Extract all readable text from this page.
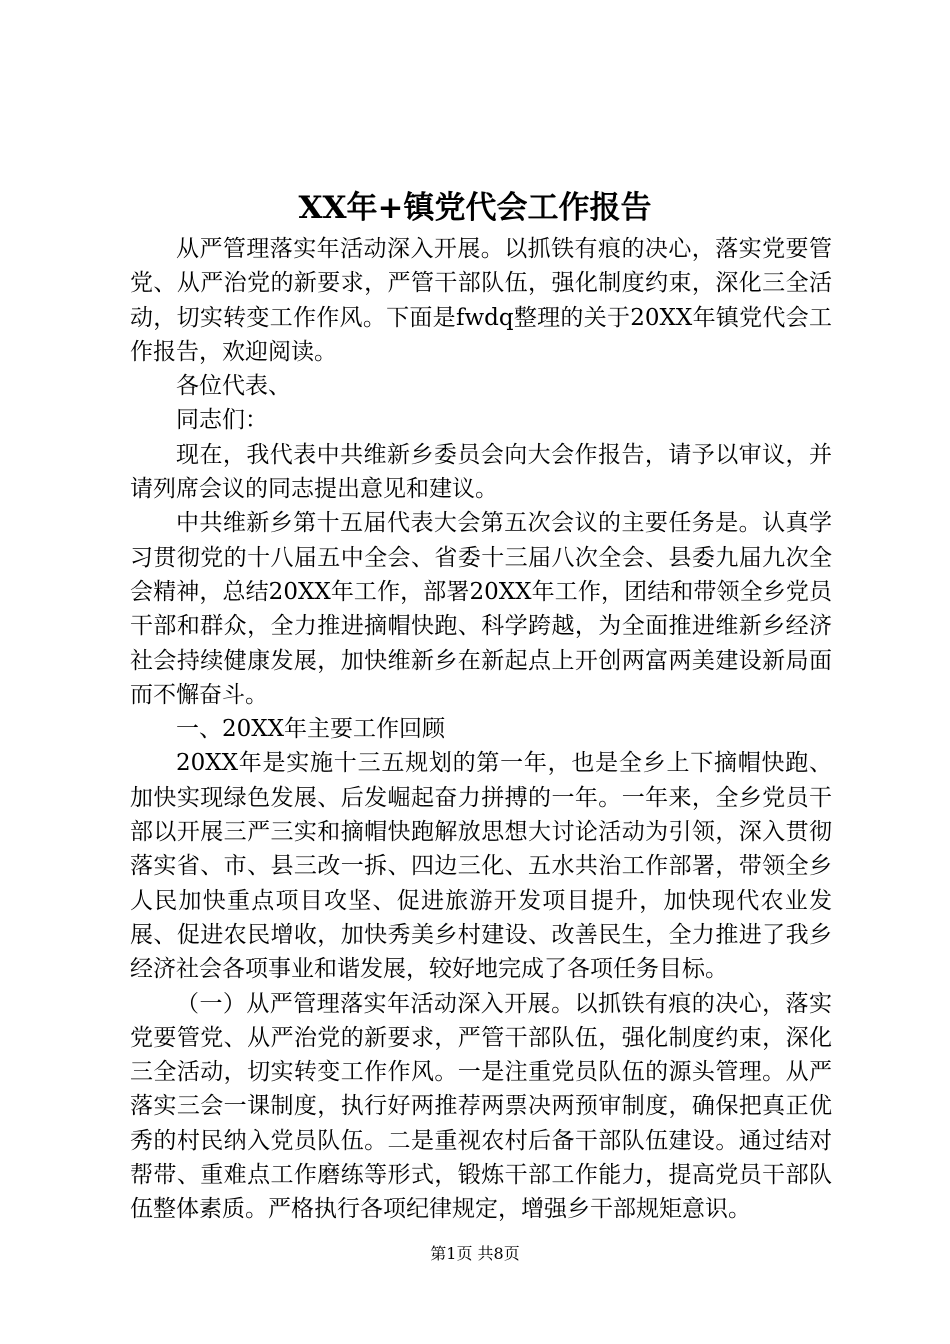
XX年+镇党代会工作报告

从严管理落实年活动深入开展。以抓铁有痕的决心，落实党要管党、从严治党的新要求，严管干部队伍，强化制度约束，深化三全活动，切实转变工作作风。下面是fwdq整理的关于20XX年镇党代会工作报告，欢迎阅读。

各位代表、

同志们：

现在，我代表中共维新乡委员会向大会作报告，请予以审议，并请列席会议的同志提出意见和建议。

中共维新乡第十五届代表大会第五次会议的主要任务是。认真学习贯彻党的十八届五中全会、省委十三届八次全会、县委九届九次全会精神，总结20XX年工作，部署20XX年工作，团结和带领全乡党员干部和群众，全力推进摘帽快跑、科学跨越，为全面推进维新乡经济社会持续健康发展，加快维新乡在新起点上开创两富两美建设新局面而不懈奋斗。

一、20XX年主要工作回顾

20XX年是实施十三五规划的第一年，也是全乡上下摘帽快跑、加快实现绿色发展、后发崛起奋力拼搏的一年。一年来，全乡党员干部以开展三严三实和摘帽快跑解放思想大讨论活动为引领，深入贯彻落实省、市、县三改一拆、四边三化、五水共治工作部署，带领全乡人民加快重点项目攻坚、促进旅游开发项目提升，加快现代农业发展、促进农民增收，加快秀美乡村建设、改善民生，全力推进了我乡经济社会各项事业和谐发展，较好地完成了各项任务目标。

（一）从严管理落实年活动深入开展。以抓铁有痕的决心，落实党要管党、从严治党的新要求，严管干部队伍，强化制度约束，深化三全活动，切实转变工作作风。一是注重党员队伍的源头管理。从严落实三会一课制度，执行好两推荐两票决两预审制度，确保把真正优秀的村民纳入党员队伍。二是重视农村后备干部队伍建设。通过结对帮带、重难点工作磨练等形式，锻炼干部工作能力，提高党员干部队伍整体素质。严格执行各项纪律规定，增强乡干部规矩意识。

第1页 共8页
